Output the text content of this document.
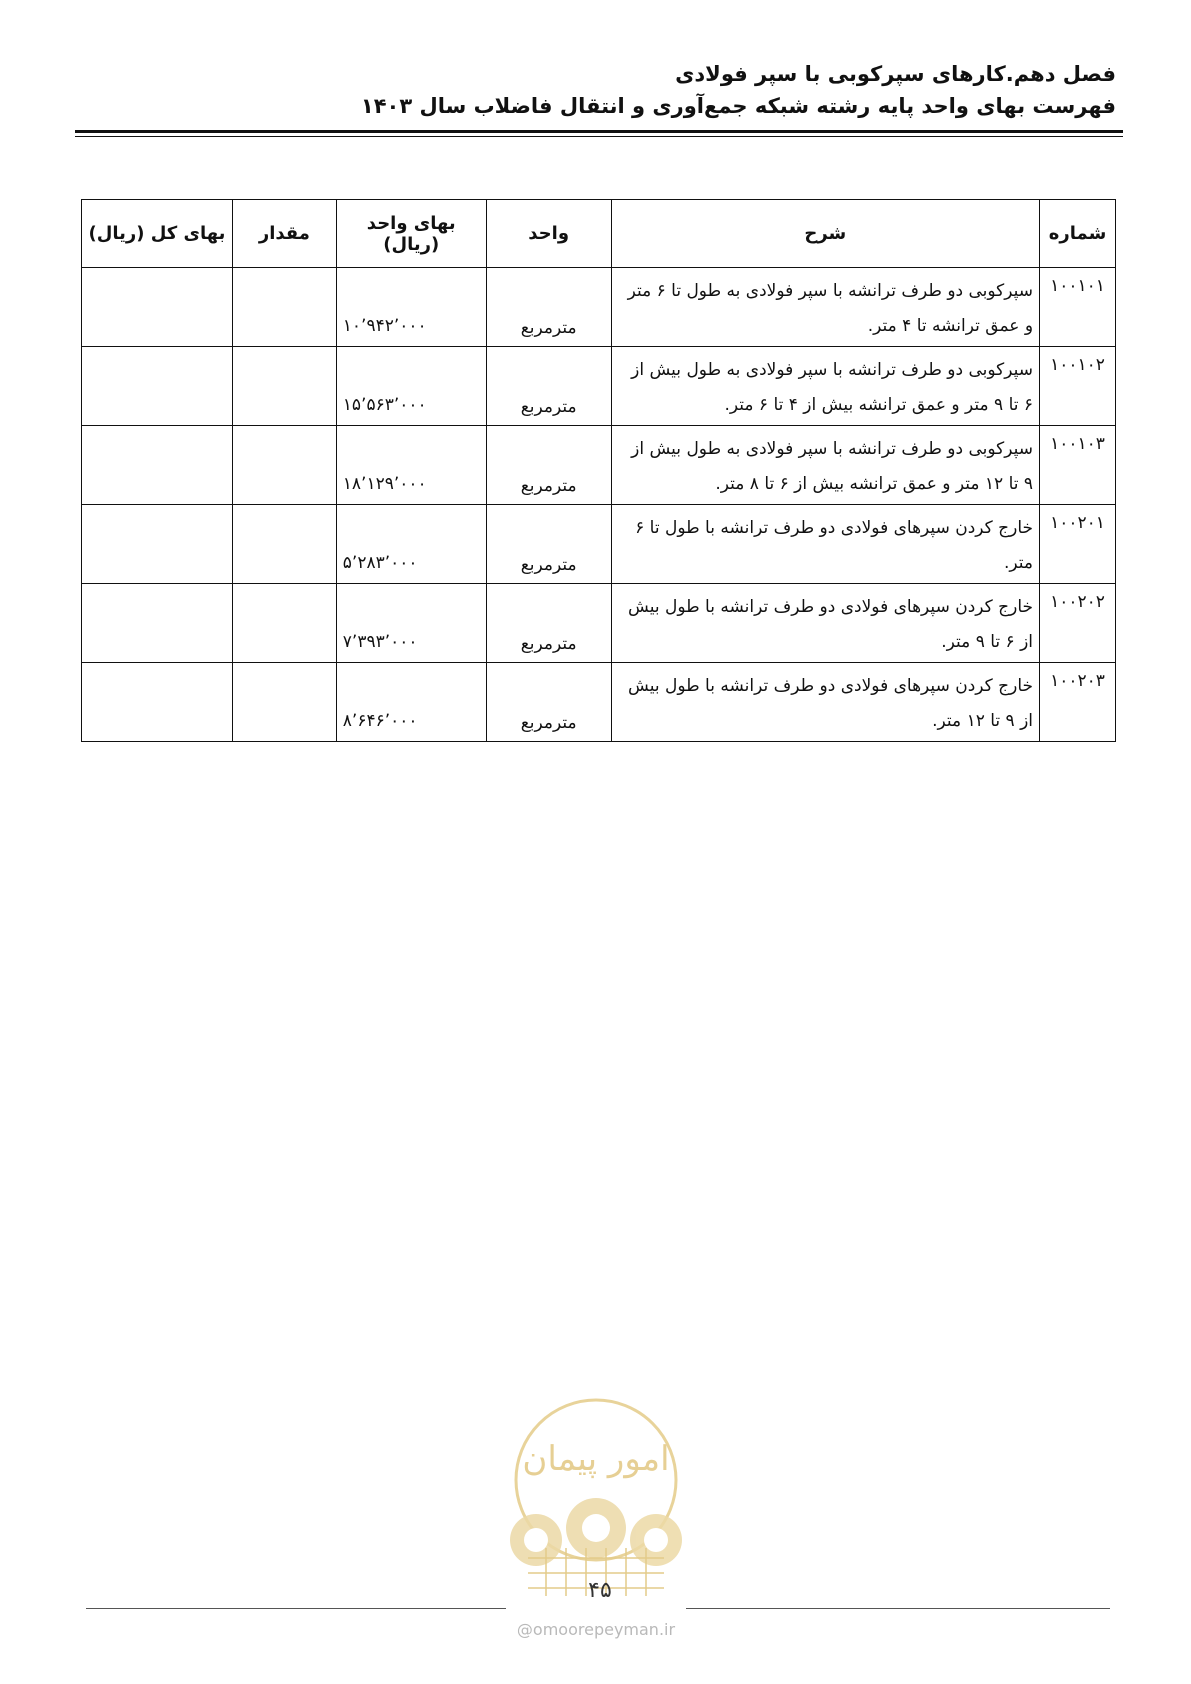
فصل دهم.کارهای سپرکوبی با سپر فولادی
فهرست بهای واحد پایه رشته شبکه جمع‌آوری و انتقال فاضلاب سال ۱۴۰۳
شماره	شرح	واحد	بهای واحد (ریال)	مقدار	بهای کل (ریال)
۱۰۰۱۰۱	سپرکوبی دو طرف ترانشه با سپر فولادی به طول تا ۶ متر و عمق ترانشه تا ۴ متر.	مترمربع	۱۰٬۹۴۲٬۰۰۰		
۱۰۰۱۰۲	سپرکوبی دو طرف ترانشه با سپر فولادی به طول بیش از ۶ تا ۹ متر و عمق ترانشه بیش از ۴ تا ۶ متر.	مترمربع	۱۵٬۵۶۳٬۰۰۰		
۱۰۰۱۰۳	سپرکوبی دو طرف ترانشه با سپر فولادی به طول بیش از ۹ تا ۱۲ متر و عمق ترانشه بیش از ۶ تا ۸ متر.	مترمربع	۱۸٬۱۲۹٬۰۰۰		
۱۰۰۲۰۱	خارج کردن سپرهای فولادی دو طرف ترانشه با طول تا ۶ متر.	مترمربع	۵٬۲۸۳٬۰۰۰		
۱۰۰۲۰۲	خارج کردن سپرهای فولادی دو طرف ترانشه با طول بیش از ۶ تا ۹ متر.	مترمربع	۷٬۳۹۳٬۰۰۰		
۱۰۰۲۰۳	خارج کردن سپرهای فولادی دو طرف ترانشه با طول بیش از ۹ تا ۱۲ متر.	مترمربع	۸٬۶۴۶٬۰۰۰		
امور پیمان
۴۵
@omoorepeyman.ir
